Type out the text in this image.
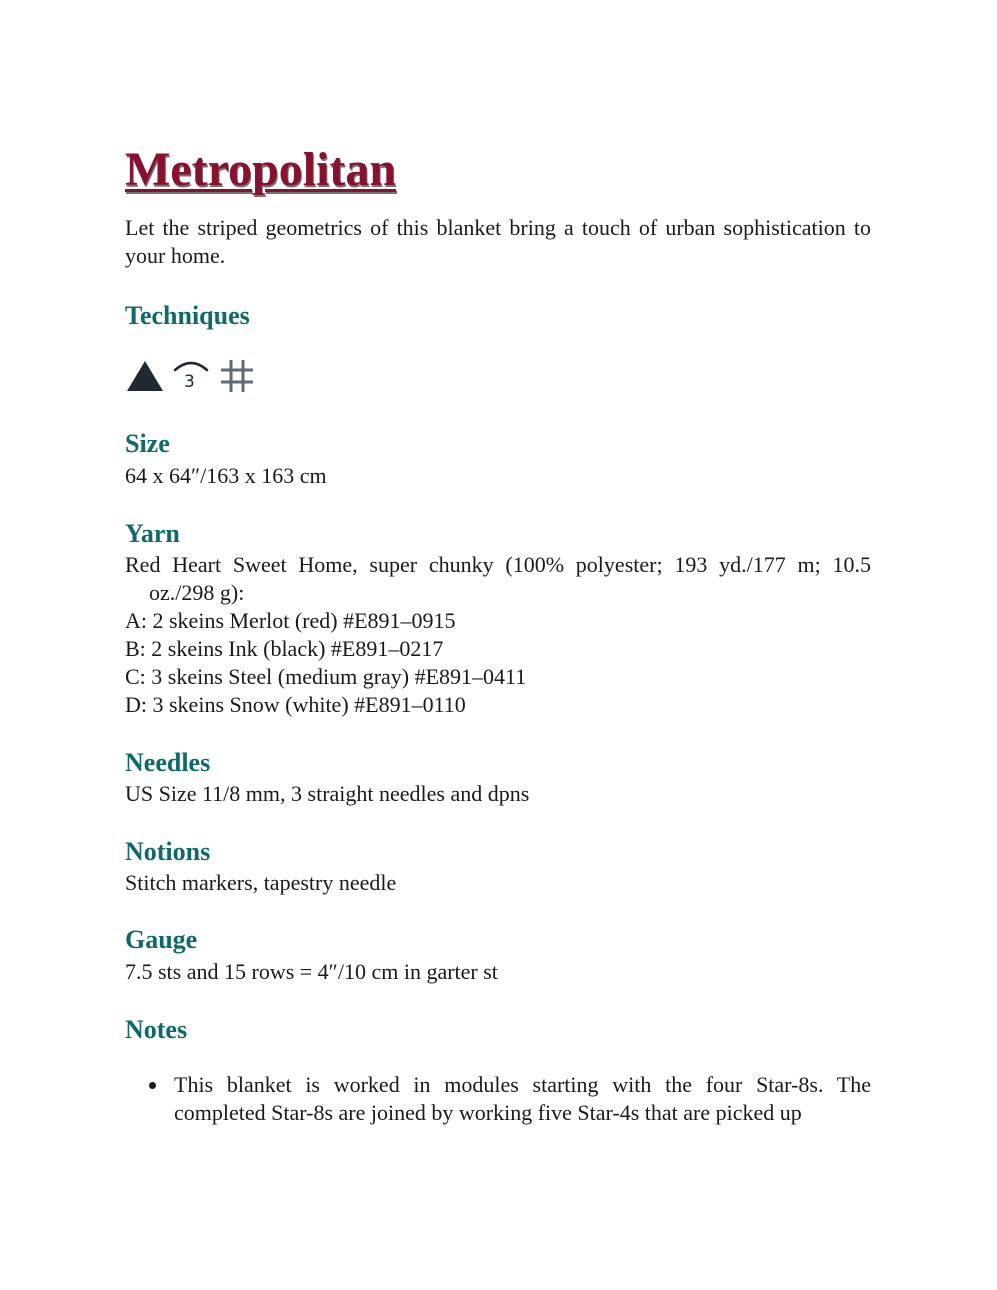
Metropolitan

Let the striped geometrics of this blanket bring a touch of urban sophistication to your home.

Techniques
3
Size

64 x 64″/163 x 163 cm

Yarn
Red Heart Sweet Home, super chunky (100% polyester; 193 yd./177 m; 10.5 oz./298 g):
A: 2 skeins Merlot (red) #E891–0915
B: 2 skeins Ink (black) #E891–0217
C: 3 skeins Steel (medium gray) #E891–0411
D: 3 skeins Snow (white) #E891–0110
Needles

US Size 11/8 mm, 3 straight needles and dpns

Notions

Stitch markers, tapestry needle

Gauge

7.5 sts and 15 rows = 4″/10 cm in garter st

Notes
This blanket is worked in modules starting with the four Star-8s. The completed Star-8s are joined by working five Star-4s that are picked up
